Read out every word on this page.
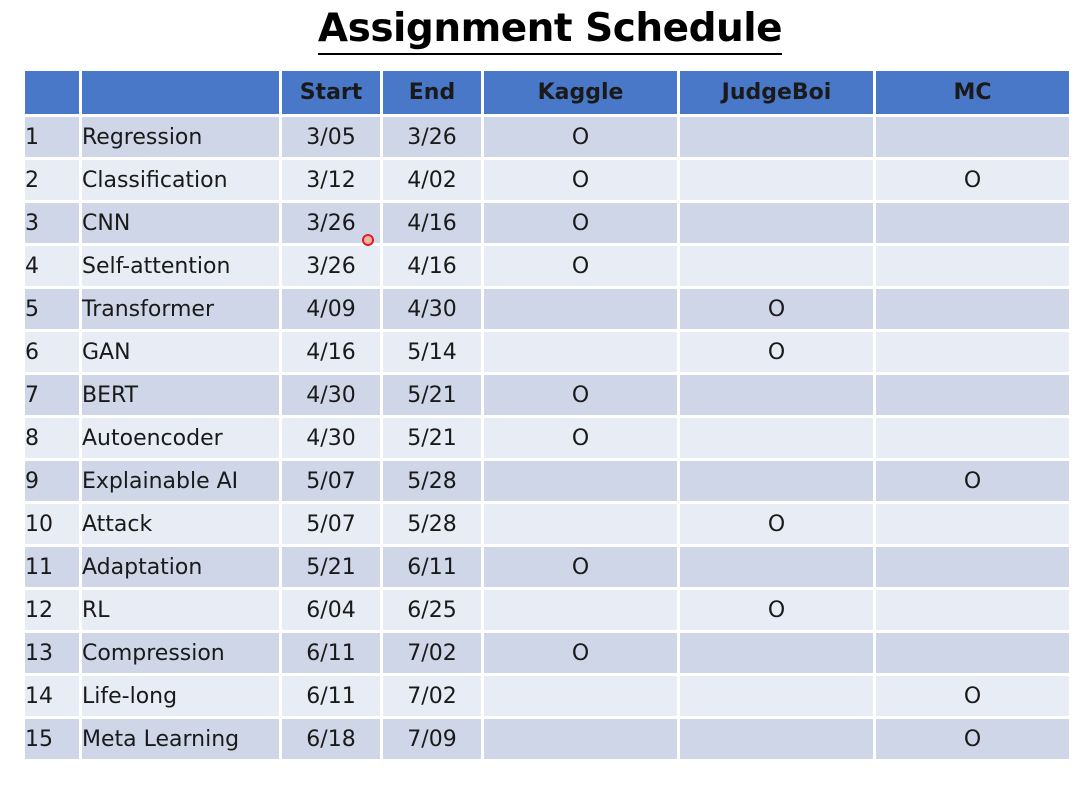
Assignment Schedule
		Start	End	Kaggle	JudgeBoi	MC
1	Regression	3/05	3/26	O		
2	Classification	3/12	4/02	O		O
3	CNN	3/26	4/16	O		
4	Self-attention	3/26	4/16	O		
5	Transformer	4/09	4/30		O	
6	GAN	4/16	5/14		O	
7	BERT	4/30	5/21	O		
8	Autoencoder	4/30	5/21	O		
9	Explainable AI	5/07	5/28			O
10	Attack	5/07	5/28		O	
11	Adaptation	5/21	6/11	O		
12	RL	6/04	6/25		O	
13	Compression	6/11	7/02	O		
14	Life-long	6/11	7/02			O
15	Meta Learning	6/18	7/09			O
